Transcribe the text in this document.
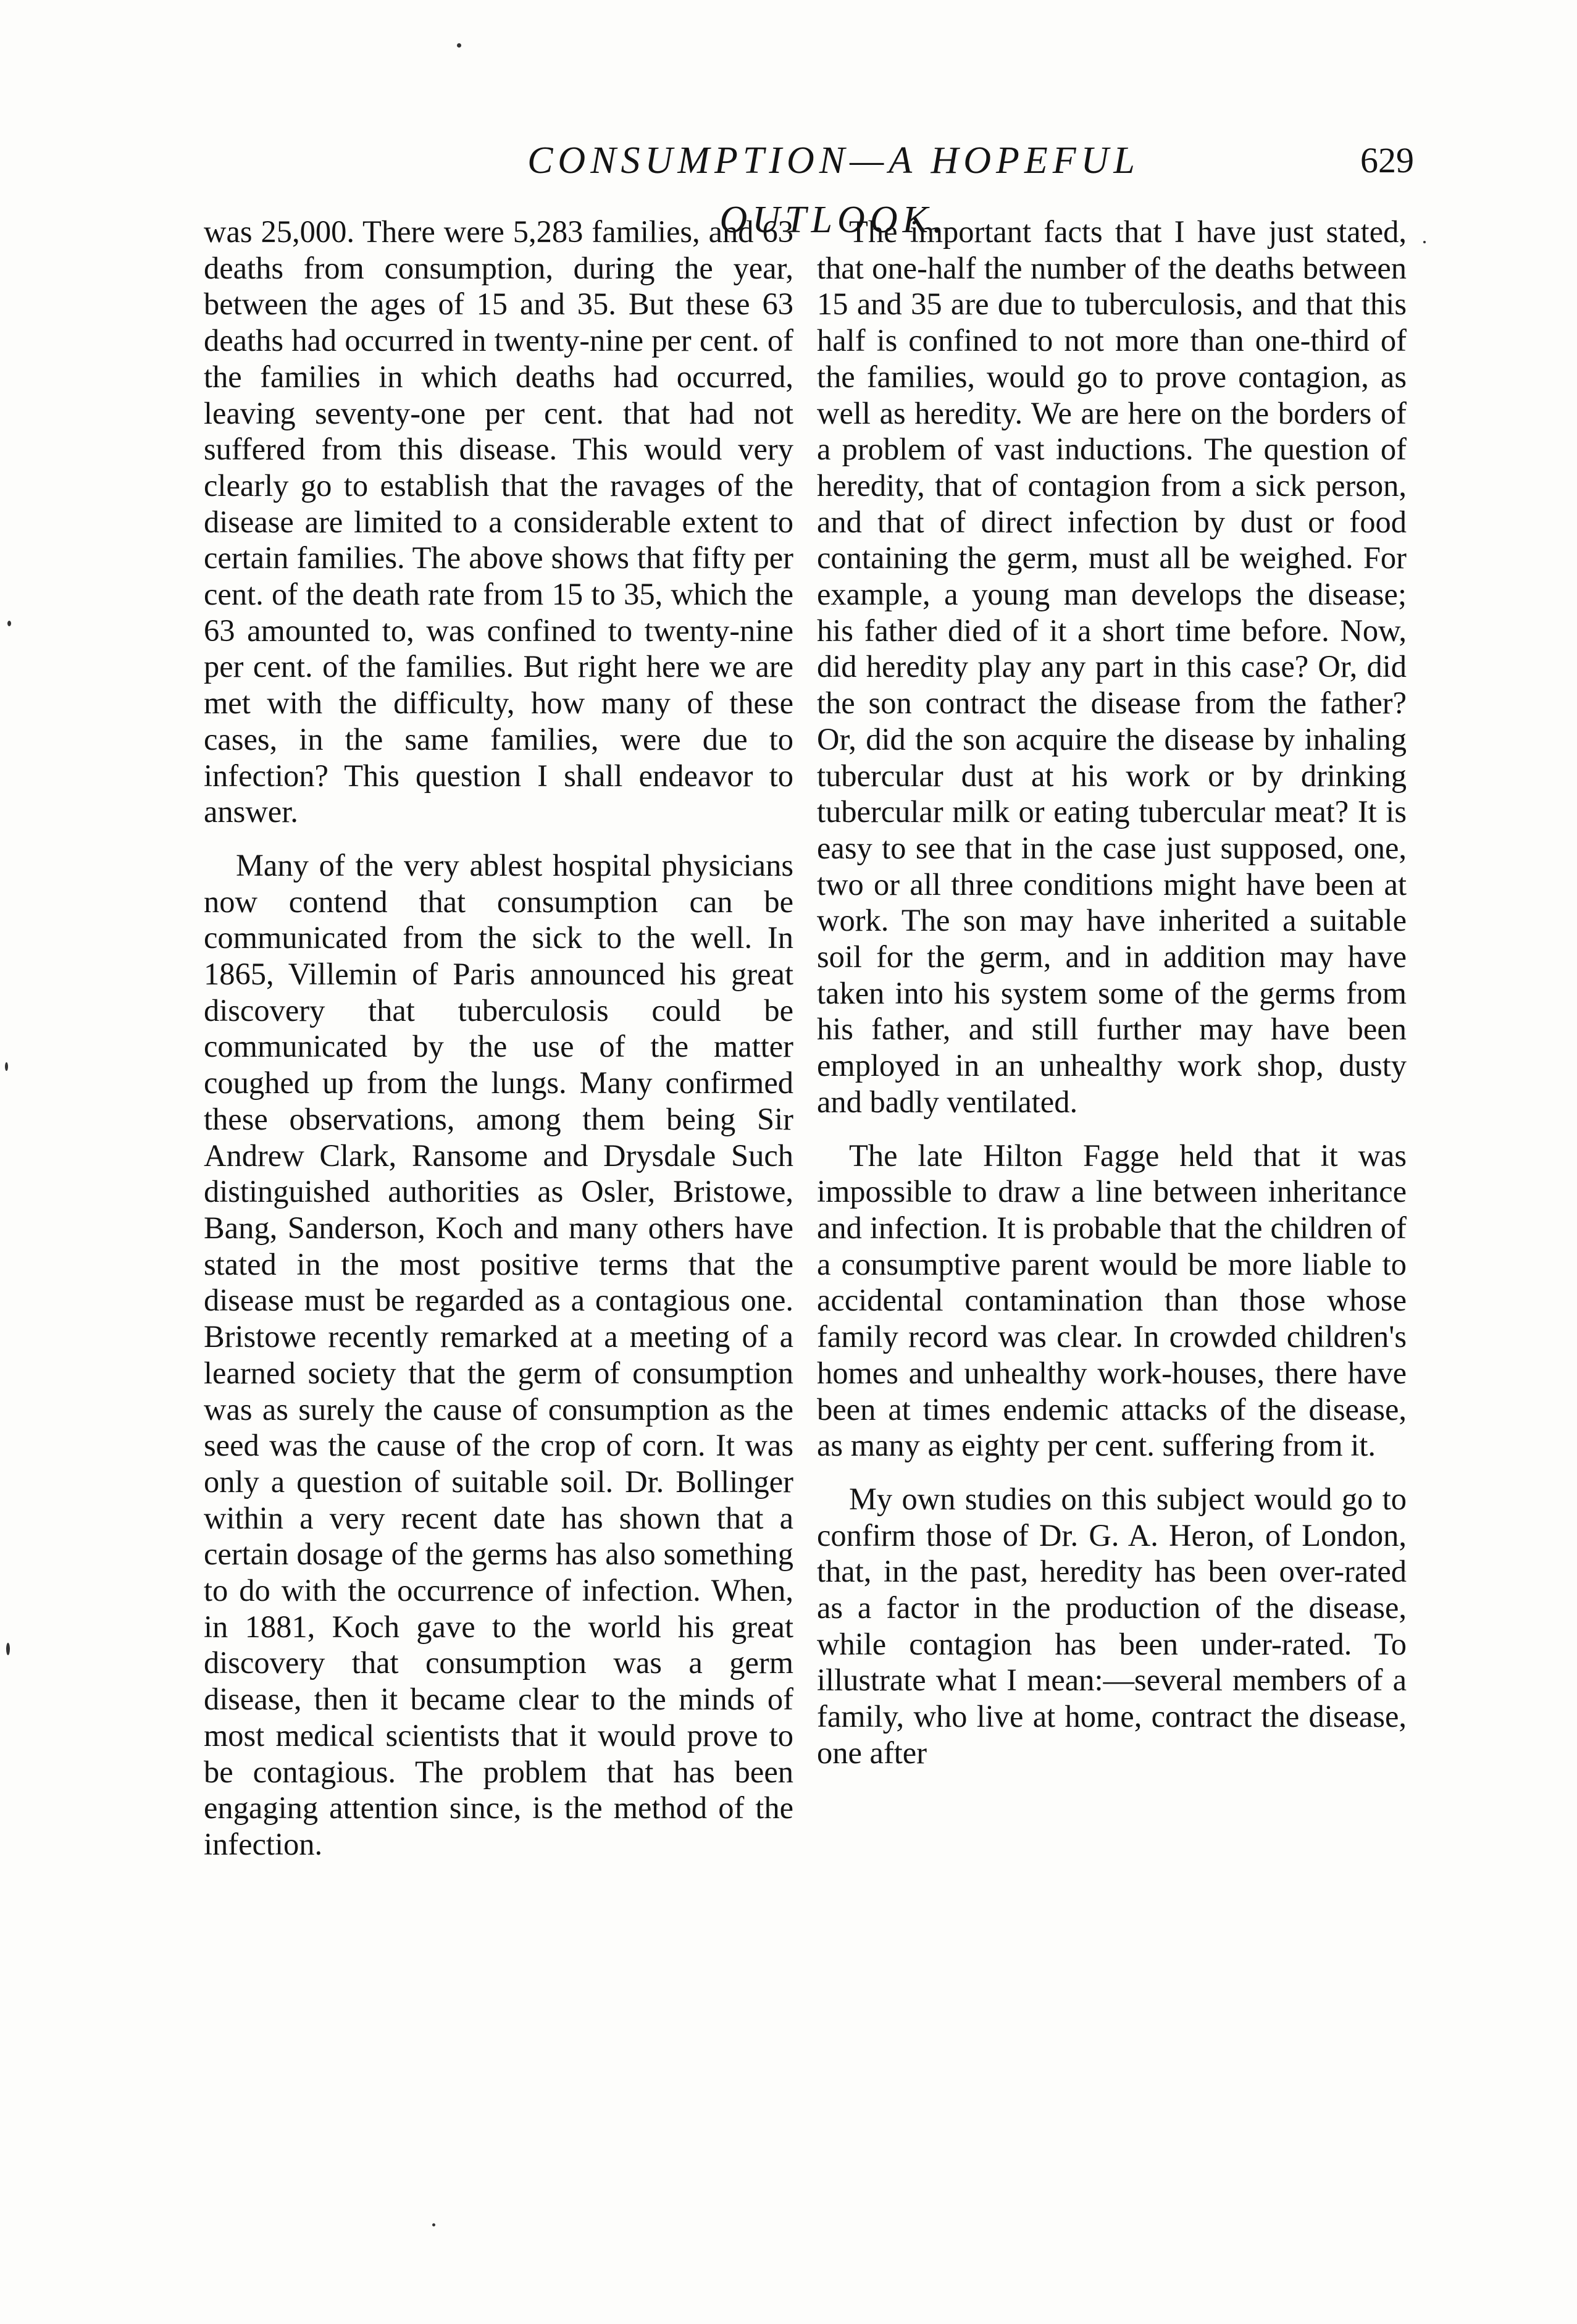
CONSUMPTION—A HOPEFUL OUTLOOK.
629

was 25,000. There were 5,283 families, and 63 deaths from consumption, during the year, between the ages of 15 and 35. But these 63 deaths had occurred in twenty-nine per cent. of the families in which deaths had occurred, leaving seventy-one per cent. that had not suffered from this disease. This would very clearly go to establish that the ravages of the disease are limited to a considerable extent to certain families. The above shows that fifty per cent. of the death rate from 15 to 35, which the 63 amounted to, was confined to twenty-nine per cent. of the families. But right here we are met with the difficulty, how many of these cases, in the same families, were due to infection? This question I shall endeavor to answer.

Many of the very ablest hospital physicians now contend that consumption can be communicated from the sick to the well. In 1865, Villemin of Paris announced his great discovery that tuberculosis could be communicated by the use of the matter coughed up from the lungs. Many confirmed these observations, among them being Sir Andrew Clark, Ransome and Drysdale Such distinguished authorities as Osler, Bristowe, Bang, Sanderson, Koch and many others have stated in the most positive terms that the disease must be regarded as a contagious one. Bristowe recently remarked at a meeting of a learned society that the germ of consumption was as surely the cause of consumption as the seed was the cause of the crop of corn. It was only a question of suitable soil. Dr. Bollinger within a very recent date has shown that a certain dosage of the germs has also something to do with the occurrence of infection. When, in 1881, Koch gave to the world his great discovery that consumption was a germ disease, then it became clear to the minds of most medical scientists that it would prove to be contagious. The problem that has been engaging attention since, is the method of the infection.

The important facts that I have just stated, that one-half the number of the deaths between 15 and 35 are due to tuberculosis, and that this half is confined to not more than one-third of the families, would go to prove contagion, as well as heredity. We are here on the borders of a problem of vast inductions. The question of heredity, that of contagion from a sick person, and that of direct infection by dust or food containing the germ, must all be weighed. For example, a young man develops the disease; his father died of it a short time before. Now, did heredity play any part in this case? Or, did the son contract the disease from the father? Or, did the son acquire the disease by inhaling tubercular dust at his work or by drinking tubercular milk or eating tubercular meat? It is easy to see that in the case just supposed, one, two or all three conditions might have been at work. The son may have inherited a suitable soil for the germ, and in addition may have taken into his system some of the germs from his father, and still further may have been employed in an unhealthy work shop, dusty and badly ventilated.

The late Hilton Fagge held that it was impossible to draw a line between inheritance and infection. It is probable that the children of a consumptive parent would be more liable to accidental contamination than those whose family record was clear. In crowded children's homes and unhealthy work-houses, there have been at times endemic attacks of the disease, as many as eighty per cent. suffering from it.

My own studies on this subject would go to confirm those of Dr. G. A. Heron, of London, that, in the past, heredity has been over-rated as a factor in the production of the disease, while contagion has been under-rated. To illustrate what I mean:—several members of a family, who live at home, contract the disease, one after
